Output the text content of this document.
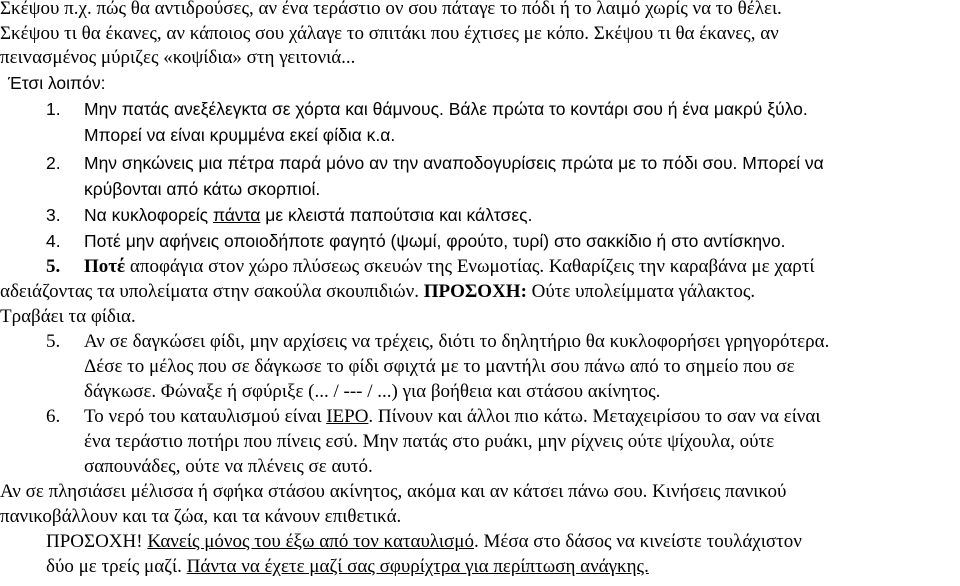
Σκέψου π.χ. πώς θα αντιδρούσες, αν ένα τεράστιο ον σου πάταγε το πόδι ή το λαιμό χωρίς να το θέλει.
Σκέψου τι θα έκανες, αν κάποιος σου χάλαγε το σπιτάκι που έχτισες με κόπο. Σκέψου τι θα έκανες, αν
πειvασμένος μύριζες «κοψίδια» στη γειτονιά...
Έτσι λοιπόν:
1. Μην πατάς ανεξέλεγκτα σε χόρτα και θάμνους. Βάλε πρώτα το κοντάρι σου ή ένα μακρύ ξύλο.
Μπορεί να είναι κρυμμένα εκεί φίδια κ.α.
2. Μην σηκώνεις μια πέτρα παρά μόνο αν την αναποδογυρίσεις πρώτα με το πόδι σου. Μπορεί να
κρύβονται από κάτω σκορπιοί.
3. Να κυκλοφορείς πάντα με κλειστά παπούτσια και κάλτσες.
4. Ποτέ μην αφήνεις οποιοδήποτε φαγητό (ψωμί, φρούτο, τυρί) στο σακκίδιο ή στο αντίσκηνο.
5. Ποτέ αποφάγια στον χώρο πλύσεως σκευών της Ενωμοτίας. Καθαρίζεις την καραβάνα με χαρτί
αδειάζοντας τα υπολείματα στην σακούλα σκουπιδιών. ΠΡΟΣΟΧΗ: Ούτε υπολείμματα γάλακτος.
Τραβάει τα φίδια.
5. Αν σε δαγκώσει φίδι, μην αρχίσεις να τρέχεις, διότι το δηλητήριο θα κυκλοφορήσει γρηγορότερα.
Δέσε το μέλος που σε δάγκωσε το φίδι σφιχτά με το μαντήλι σου πάνω από το σημείο που σε
δάγκωσε. Φώναξε ή σφύριξε (... / --- / ...) για βοήθεια και στάσου ακίνητος.
6. Το νερό του καταυλισμού είναι ΙΕΡΟ. Πίνουν και άλλοι πιο κάτω. Μεταχειρίσου το σαν να είναι
ένα τεράστιο ποτήρι που πίνεις εσύ. Μην πατάς στο ρυάκι, μην ρίχνεις ούτε ψίχουλα, ούτε
σαπουνάδες, ούτε να πλένεις σε αυτό.
Αν σε πλησιάσει μέλισσα ή σφήκα στάσου ακίνητος, ακόμα και αν κάτσει πάνω σου. Κινήσεις πανικού
πανικοβάλλουν και τα ζώα, και τα κάνουν επιθετικά.
ΠΡΟΣΟΧΗ! Κανείς μόνος του έξω από τον καταυλισμό. Μέσα στο δάσος να κινείστε τουλάχιστον
δύο με τρείς μαζί. Πάντα να έχετε μαζί σας σφυρίχτρα για περίπτωση ανάγκης.
